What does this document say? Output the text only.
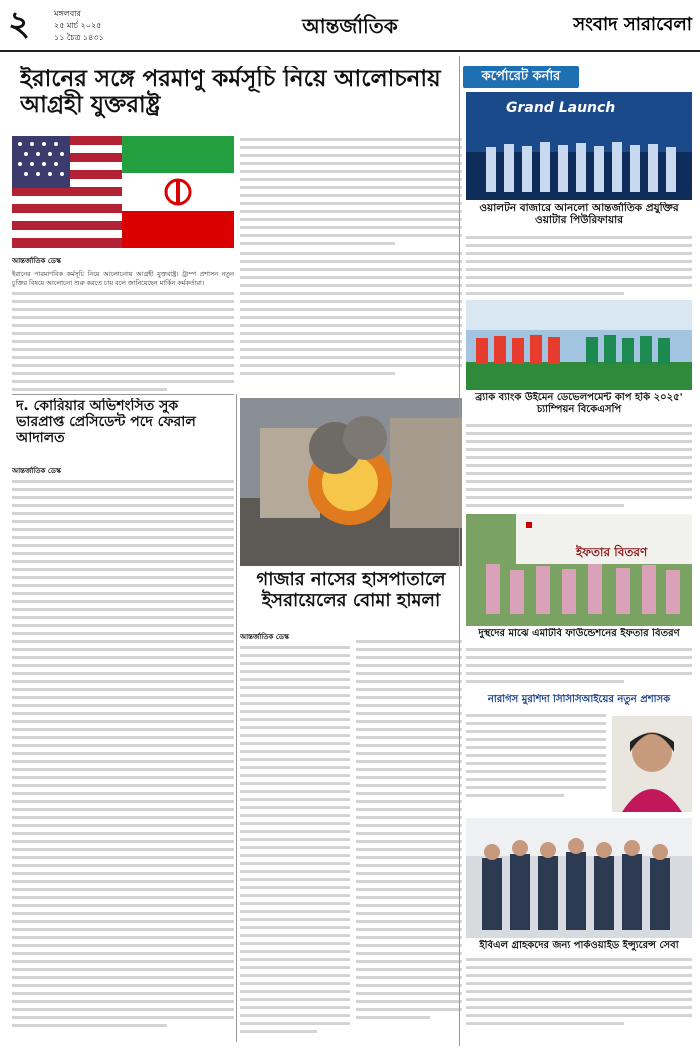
২	মঙ্গলবার
২৫ মার্চ ২০২৫
১১ চৈত্র ১৪৩১	আন্তর্জাতিক	সংবাদ সারাবেলা
ইরানের সঙ্গে পরমাণু কর্মসূচি নিয়ে আলোচনায় আগ্রহী যুক্তরাষ্ট্র
আন্তর্জাতিক ডেস্ক
ইরানের পারমাণবিক কর্মসূচি নিয়ে আলোচনায় আগ্রহী যুক্তরাষ্ট্র। ট্রাম্প প্রশাসন নতুন চুক্তির বিষয়ে আলোচনা শুরু করতে চায় বলে জানিয়েছেন মার্কিন কর্মকর্তারা।
দ. কোরিয়ার অভিশংসিত সুক ভারপ্রাপ্ত প্রেসিডেন্ট পদে ফেরাল আদালত
আন্তর্জাতিক ডেস্ক
গাজার নাসের হাসপাতালে ইসরায়েলের বোমা হামলা
আন্তর্জাতিক ডেস্ক
কর্পোরেট কর্নার
Grand Launch
ওয়ালটন বাজারে আনলো আন্তর্জাতিক প্রযুক্তির ওয়াটার পিউরিফায়ার
ব্র্যাক ব্যাংক উইমেন ডেভেলপমেন্ট কাপ হকি ২০২৫' চ্যাম্পিয়ন বিকেএসপি
ইফতার বিতরণ
দুস্থদের মাঝে এমটিবি ফাউন্ডেশনের ইফতার বিতরণ
নারগিস মুরশিদা সিসিসিআইয়ের নতুন প্রশাসক
ইবিএল গ্রাহকদের জন্য পার্কওয়াইড ইন্স্যুরেন্স সেবা
